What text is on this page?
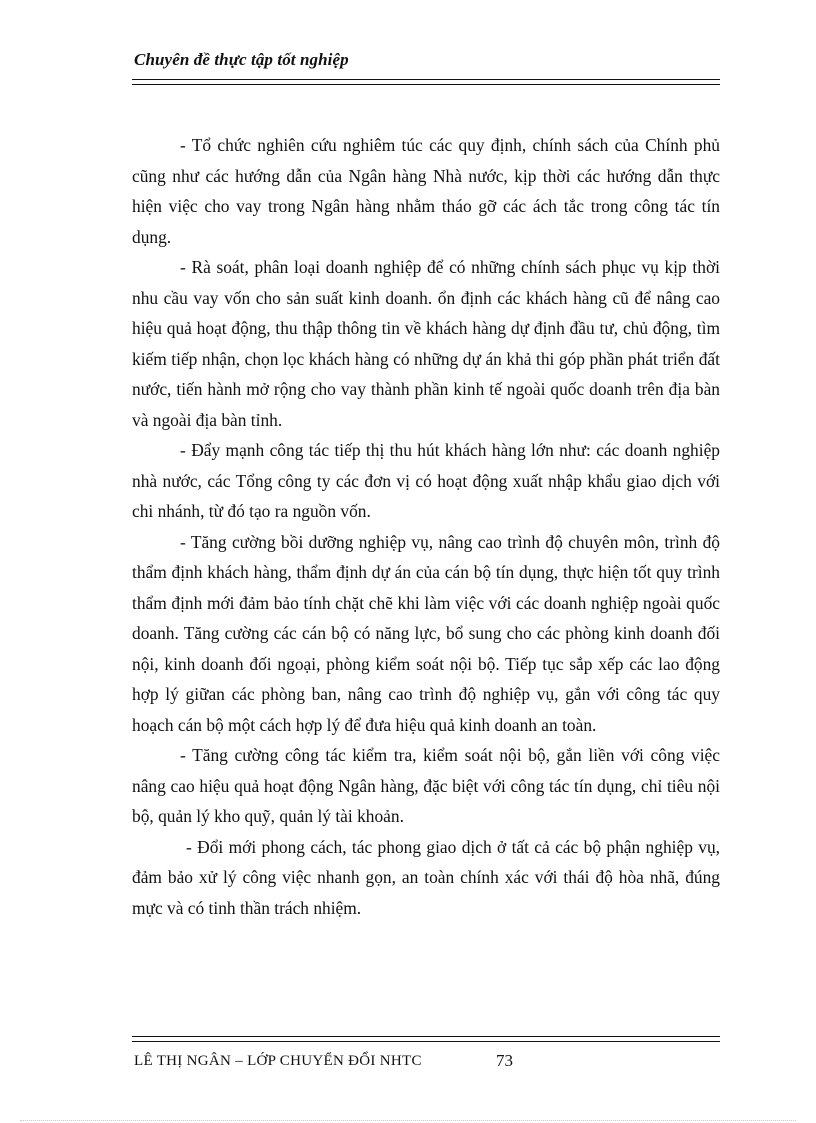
Chuyên đề thực tập tốt nghiệp

- Tổ chức nghiên cứu nghiêm túc các quy định, chính sách của Chính phủ cũng như các hướng dẫn của Ngân hàng Nhà nước, kịp thời các hướng dẫn thực hiện việc cho vay trong Ngân hàng nhằm tháo gỡ các ách tắc trong công tác tín dụng.

- Rà soát, phân loại doanh nghiệp để có những chính sách phục vụ kịp thời nhu cầu vay vốn cho sản suất kinh doanh. ổn định các khách hàng cũ để nâng cao hiệu quả hoạt động, thu thập thông tin về khách hàng dự định đầu tư, chủ động, tìm kiếm tiếp nhận, chọn lọc khách hàng có những dự án khả thi góp phần phát triển đất nước, tiến hành mở rộng cho vay thành phần kinh tế ngoài quốc doanh trên địa bàn và ngoài địa bàn tỉnh.

- Đẩy mạnh công tác tiếp thị thu hút khách hàng lớn như: các doanh nghiệp nhà nước, các Tổng công ty các đơn vị có hoạt động xuất nhập khẩu giao dịch với chi nhánh, từ đó tạo ra nguồn vốn.

- Tăng cường bồi dưỡng nghiệp vụ, nâng cao trình độ chuyên môn, trình độ thẩm định khách hàng, thẩm định dự án của cán bộ tín dụng, thực hiện tốt quy trình thẩm định mới đảm bảo tính chặt chẽ khi làm việc với các doanh nghiệp ngoài quốc doanh. Tăng cường các cán bộ có năng lực, bổ sung cho các phòng kinh doanh đối nội, kinh doanh đối ngoại, phòng kiểm soát nội bộ. Tiếp tục sắp xếp các lao động hợp lý giữan các phòng ban, nâng cao trình độ nghiệp vụ, gắn với công tác quy hoạch cán bộ một cách hợp lý để đưa hiệu quả kinh doanh an toàn.

- Tăng cường công tác kiểm tra, kiểm soát nội bộ, gắn liền với công việc nâng cao hiệu quả hoạt động Ngân hàng, đặc biệt với công tác tín dụng, chỉ tiêu nội bộ, quản lý kho quỹ, quản lý tài khoản.

- Đổi mới phong cách, tác phong giao dịch ở tất cả các bộ phận nghiệp vụ, đảm bảo xử lý công việc nhanh gọn, an toàn chính xác với thái độ hòa nhã, đúng mực và có tinh thần trách nhiệm.

LÊ THỊ NGÂN – LỚP CHUYỂN ĐỔI NHTC	73
